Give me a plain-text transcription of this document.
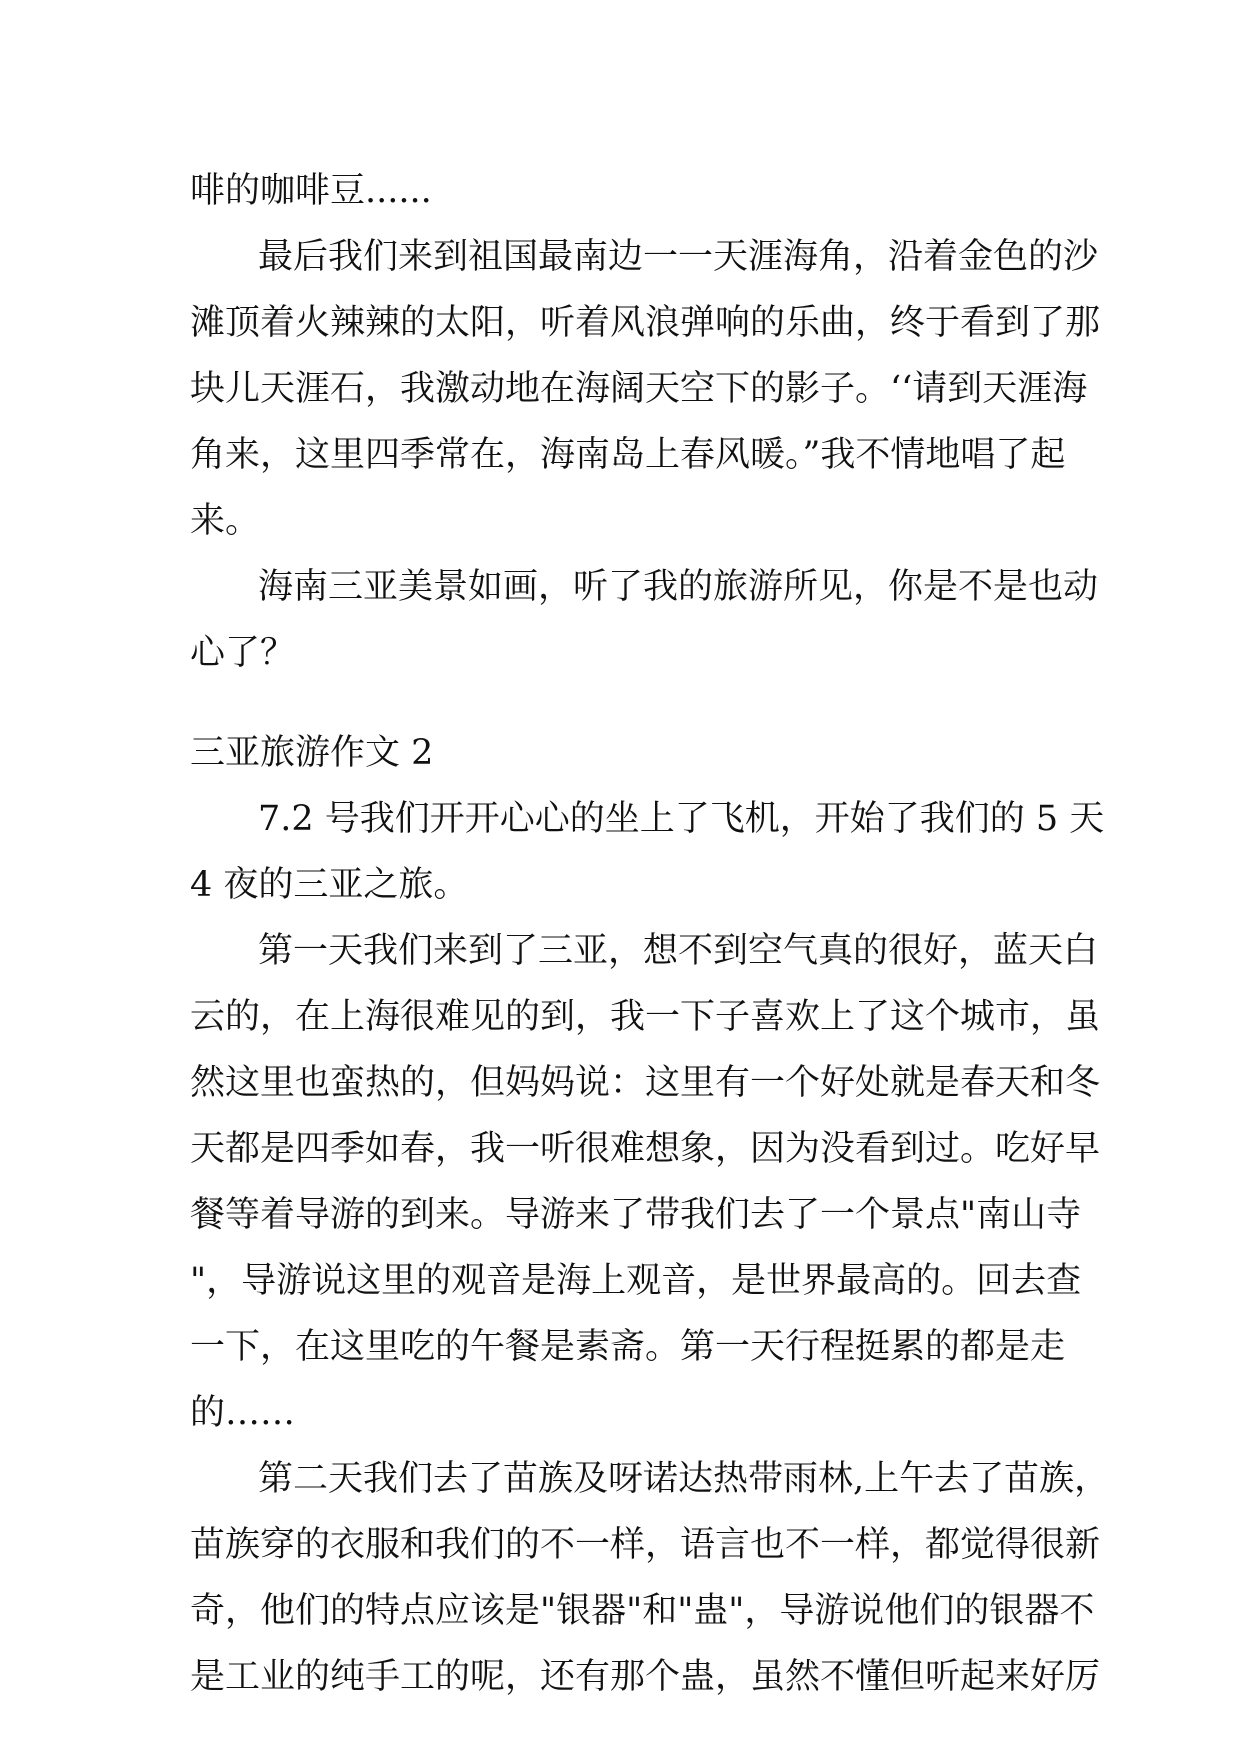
啡的咖啡豆......
最后我们来到祖国最南边一一天涯海角，沿着金色的沙
滩顶着火辣辣的太阳，听着风浪弹响的乐曲，终于看到了那
块儿天涯石，我激动地在海阔天空下的影子。‘‘请到天涯海
角来，这里四季常在，海南岛上春风暖。”我不情地唱了起
来。
海南三亚美景如画，听了我的旅游所见，你是不是也动
心了？
三亚旅游作文 2
7.2 号我们开开心心的坐上了飞机，开始了我们的 5 天
4 夜的三亚之旅。
第一天我们来到了三亚，想不到空气真的很好，蓝天白
云的，在上海很难见的到，我一下子喜欢上了这个城市，虽
然这里也蛮热的，但妈妈说：这里有一个好处就是春天和冬
天都是四季如春，我一听很难想象，因为没看到过。吃好早
餐等着导游的到来。导游来了带我们去了一个景点"南山寺
"，导游说这里的观音是海上观音，是世界最高的。回去查
一下，在这里吃的午餐是素斋。第一天行程挺累的都是走
的……
第二天我们去了苗族及呀诺达热带雨林,上午去了苗族，
苗族穿的衣服和我们的不一样，语言也不一样，都觉得很新
奇，他们的特点应该是"银器"和"蛊"，导游说他们的银器不
是工业的纯手工的呢，还有那个蛊，虽然不懂但听起来好厉
